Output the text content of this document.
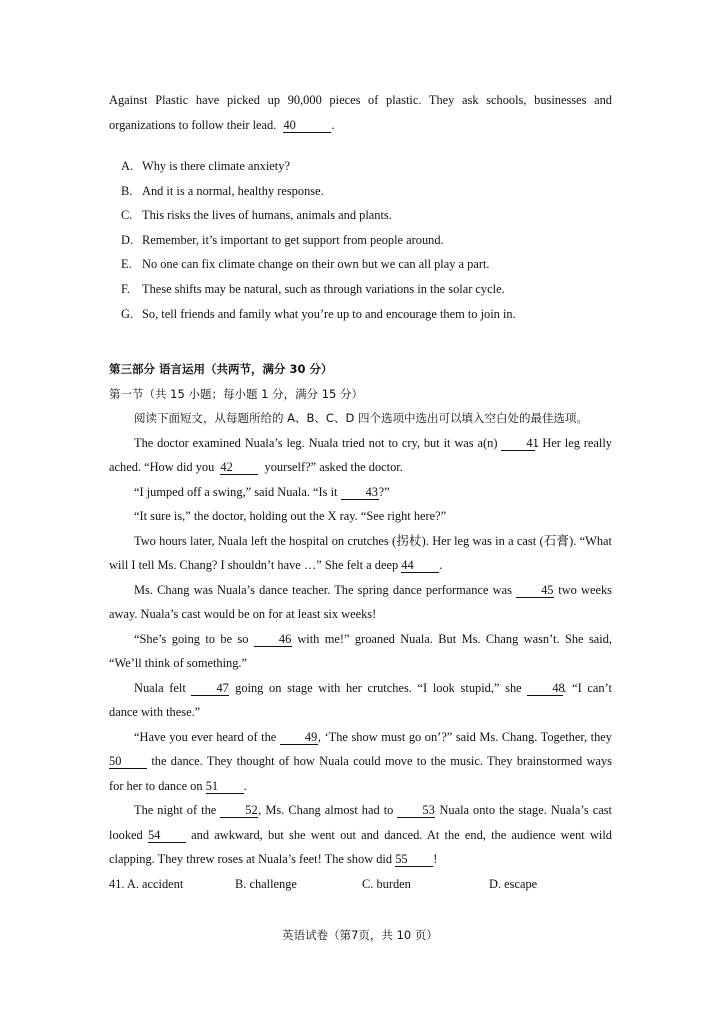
Against Plastic have picked up 90,000 pieces of plastic. They ask schools, businesses and

organizations to follow their lead. 40	.

A. Why is there climate anxiety?
B. And it is a normal, healthy response.
C. This risks the lives of humans, animals and plants.
D. Remember, it’s important to get support from people around.
E. No one can fix climate change on their own but we can all play a part.
F. These shifts may be natural, such as through variations in the solar cycle.
G. So, tell friends and family what you’re up to and encourage them to join in.

第三部分 语言运用（共两节，满分 30 分）

第一节（共 15 小题；每小题 1 分，满分 15 分）

阅读下面短文，从每题所给的 A、B、C、D 四个选项中选出可以填入空白处的最佳选项。

The doctor examined Nuala’s leg. Nuala tried not to cry, but it was a(n) 41. Her leg really

ached. “How did you 42	yourself?” asked the doctor.

“I jumped off a swing,” said Nuala. “Is it 43?”

“It sure is,” the doctor, holding out the X ray. “See right here?”

Two hours later, Nuala left the hospital on crutches (拐杖). Her leg was in a cast (石膏). “What

will I tell Ms. Chang? I shouldn’t have …” She felt a deep 44 .

Ms. Chang was Nuala’s dance teacher. The spring dance performance was 45 two weeks

away. Nuala’s cast would be on for at least six weeks!

“She’s going to be so 46 with me!” groaned Nuala. But Ms. Chang wasn’t. She said,

“We’ll think of something.”

Nuala felt 47 going on stage with her crutches. “I look stupid,” she 48. “I can’t

dance with these.”

“Have you ever heard of the 49, ‘The show must go on’?” said Ms. Chang. Together, they

50 the dance. They thought of how Nuala could move to the music. They brainstormed ways

for her to dance on 51 .

The night of the 52, Ms. Chang almost had to 53 Nuala onto the stage. Nuala’s cast

looked 54 and awkward, but she went out and danced. At the end, the audience went wild

clapping. They threw roses at Nuala’s feet! The show did 55 !

41. A. accident	B. challenge	C. burden	D. escape
英语试卷（第7页，共 10 页）
